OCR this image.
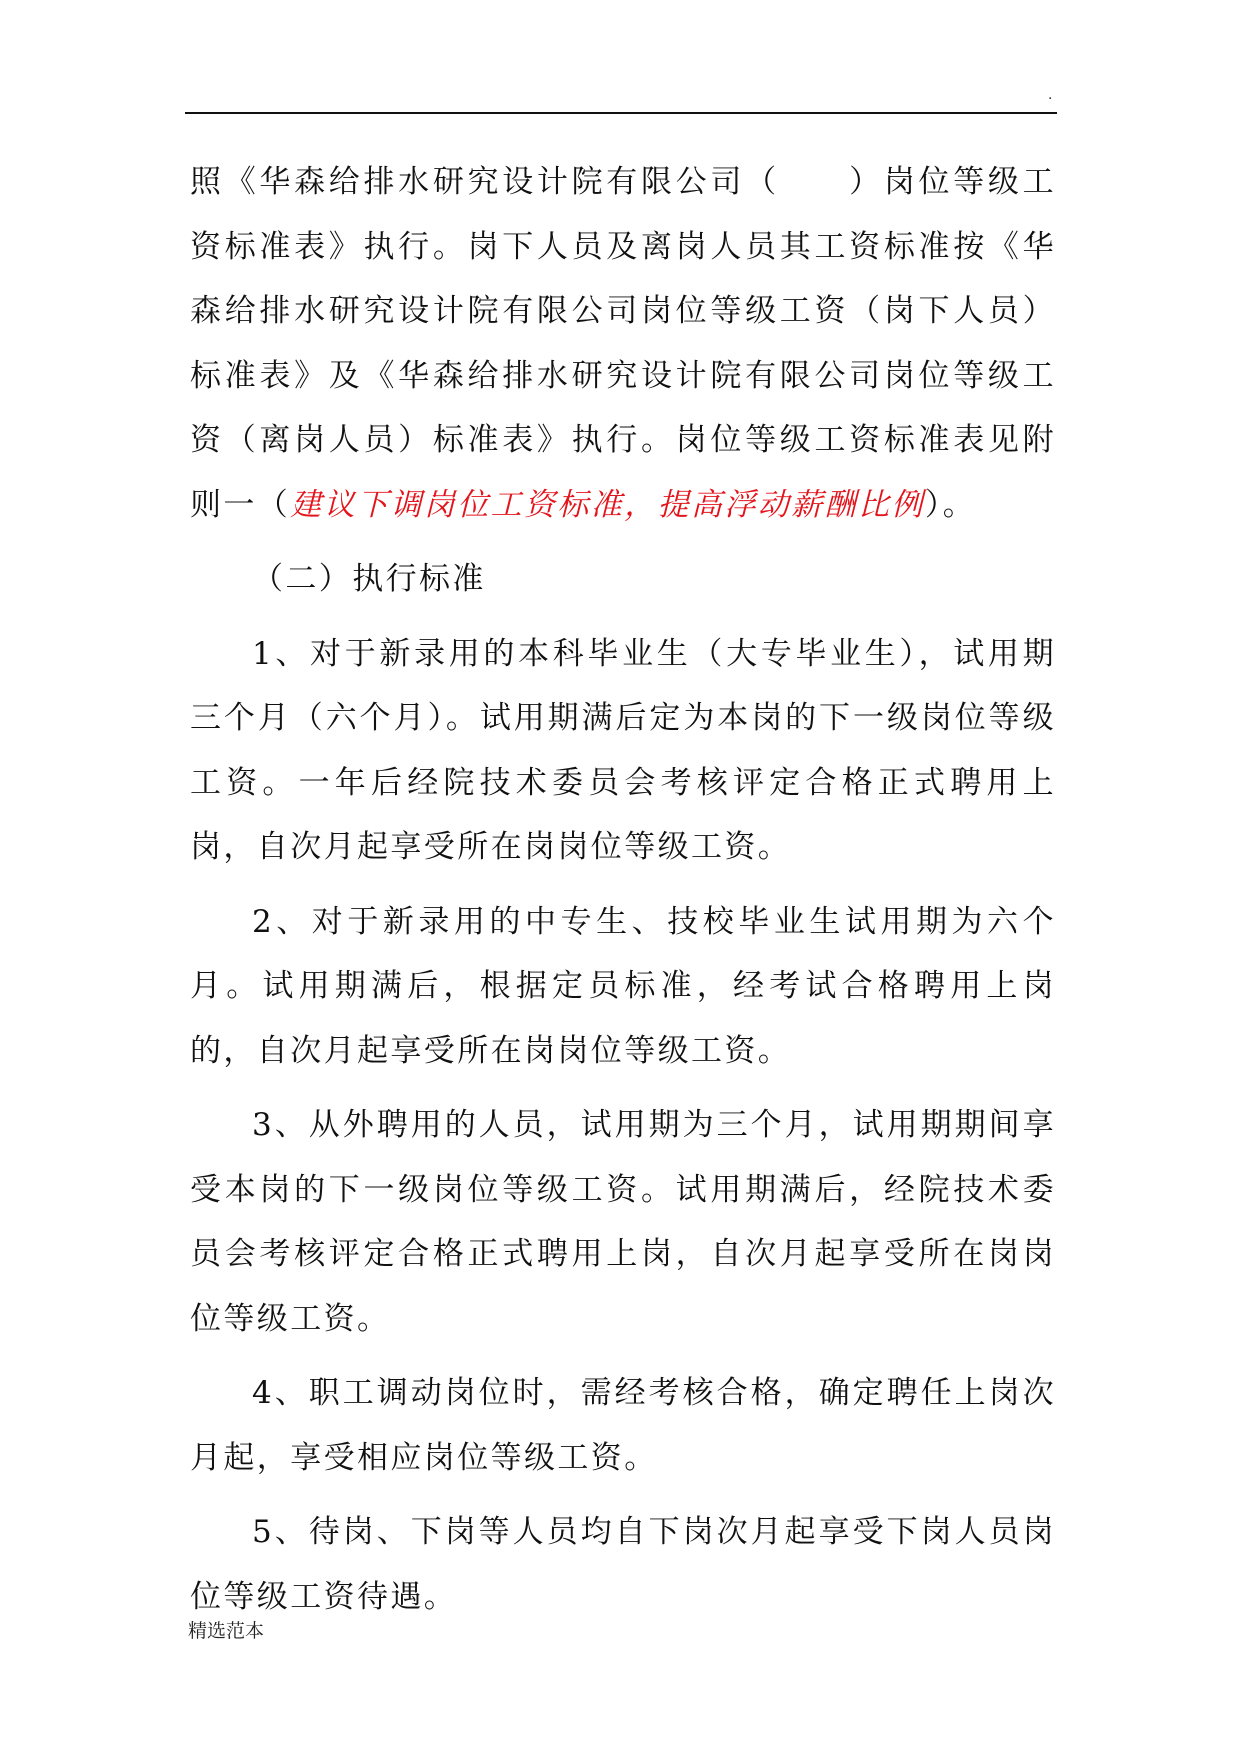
.

照《华森给排水研究设计院有限公司（　　）岗位等级工资标准表》执行。岗下人员及离岗人员其工资标准按《华森给排水研究设计院有限公司岗位等级工资（岗下人员）标准表》及《华森给排水研究设计院有限公司岗位等级工资（离岗人员）标准表》执行。岗位等级工资标准表见附则一（建议下调岗位工资标准，提高浮动薪酬比例）。

（二）执行标准

1、对于新录用的本科毕业生（大专毕业生），试用期三个月（六个月）。试用期满后定为本岗的下一级岗位等级工资。一年后经院技术委员会考核评定合格正式聘用上岗，自次月起享受所在岗岗位等级工资。

2、对于新录用的中专生、技校毕业生试用期为六个月。试用期满后，根据定员标准，经考试合格聘用上岗的，自次月起享受所在岗岗位等级工资。

3、从外聘用的人员，试用期为三个月，试用期期间享受本岗的下一级岗位等级工资。试用期满后，经院技术委员会考核评定合格正式聘用上岗，自次月起享受所在岗岗位等级工资。

4、职工调动岗位时，需经考核合格，确定聘任上岗次月起，享受相应岗位等级工资。

5、待岗、下岗等人员均自下岗次月起享受下岗人员岗位等级工资待遇。

精选范本
